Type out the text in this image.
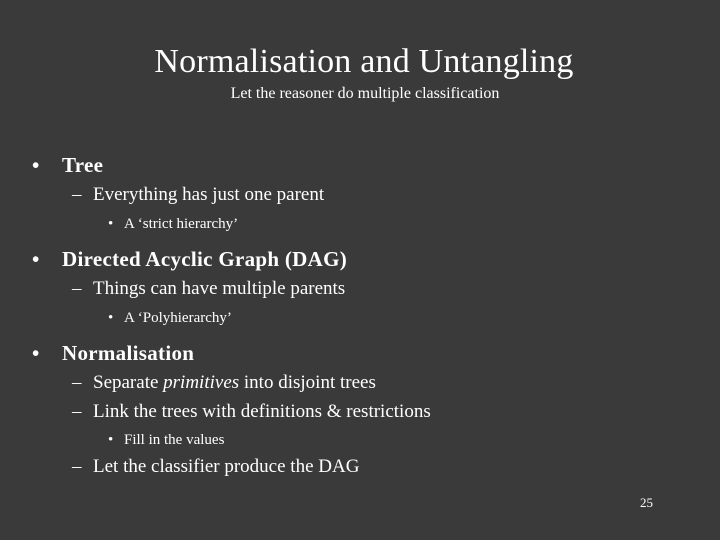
Normalisation and Untangling
Let the reasoner do multiple classification
• Tree
– Everything has just one parent
• A ‘strict hierarchy’
• Directed Acyclic Graph (DAG)
– Things can have multiple parents
• A ‘Polyhierarchy’
• Normalisation
– Separate primitives into disjoint trees
– Link the trees with definitions & restrictions
• Fill in the values
– Let the classifier produce the DAG
25
